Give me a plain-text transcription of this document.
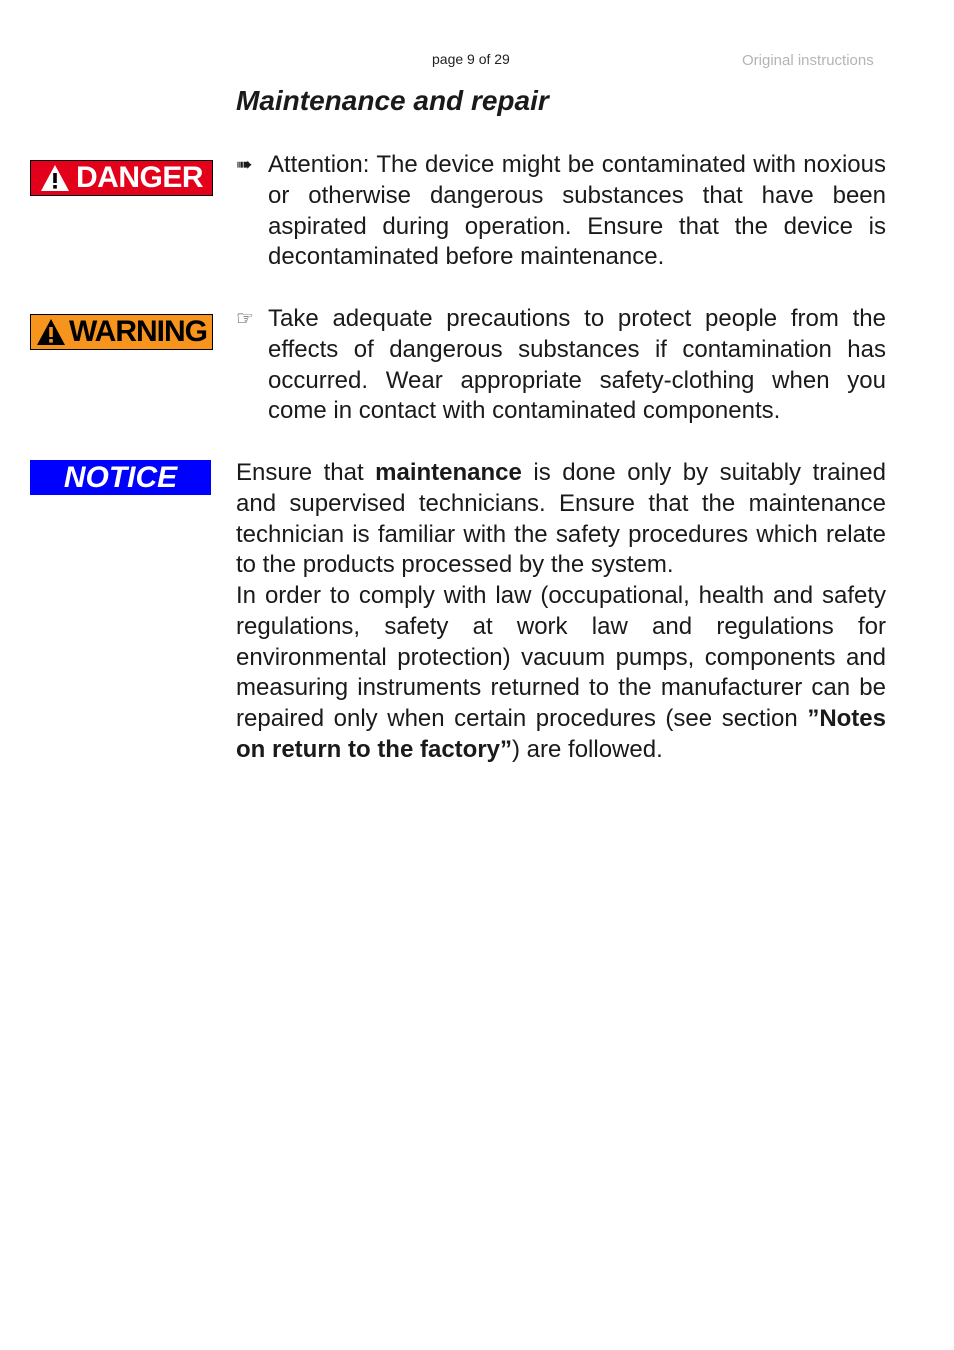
page 9 of 29	Original instructions
Maintenance and repair
DANGER
WARNING
NOTICE

➠ Attention: The device might be contaminated with noxious or otherwise dangerous substances that have been aspirated during operation. Ensure that the device is decontaminated before maintenance.

☞ Take adequate precautions to protect people from the effects of dangerous substances if contamination has occurred. Wear appropriate safety-clothing when you come in contact with contaminated components.

Ensure that maintenance is done only by suitably trained and supervised technicians. Ensure that the maintenance technician is familiar with the safety procedures which relate to the products processed by the system.

In order to comply with law (occupational, health and safety regulations, safety at work law and regulations for environmental protection) vacuum pumps, components and measuring instruments returned to the manufacturer can be repaired only when certain procedures (see section ”Notes on return to the factory”) are followed.
